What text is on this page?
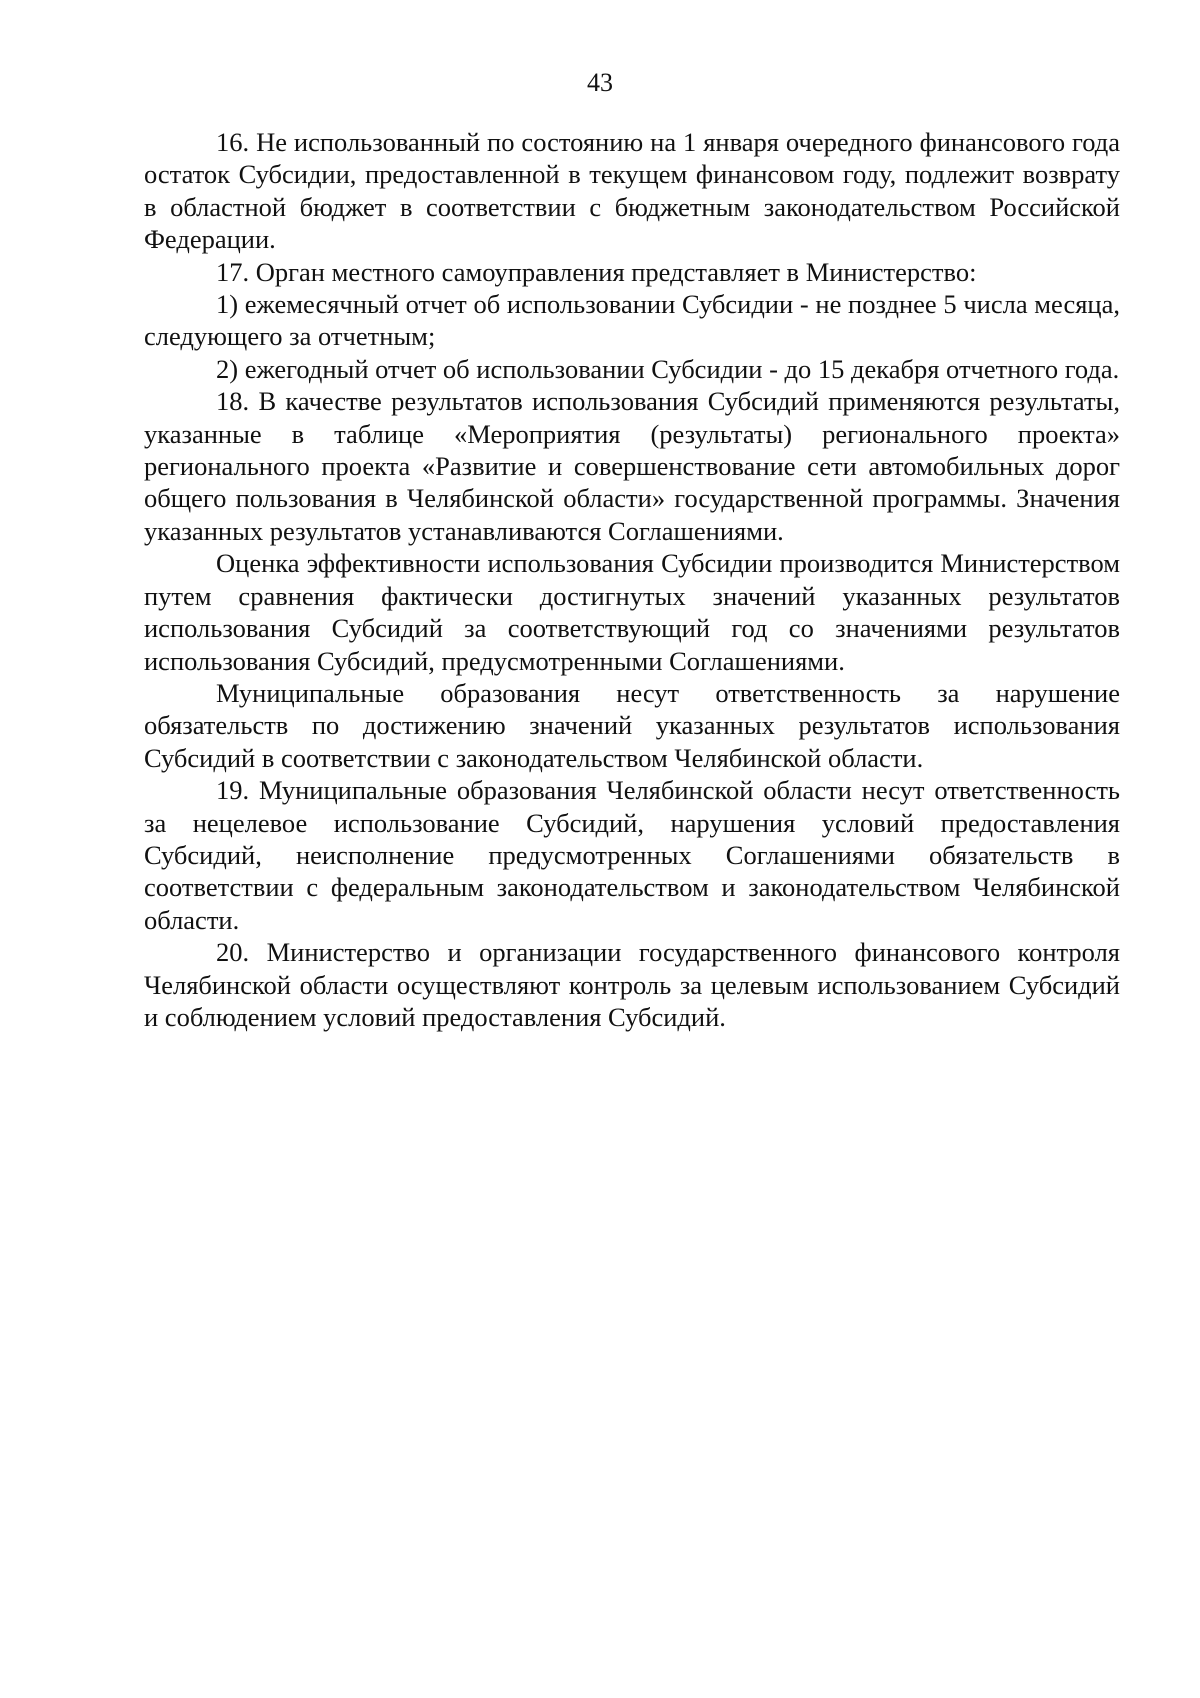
43

16. Не использованный по состоянию на 1 января очередного финансового года остаток Субсидии, предоставленной в текущем финансовом году, подлежит возврату в областной бюджет в соответствии с бюджетным законодательством Российской Федерации.

17. Орган местного самоуправления представляет в Министерство:

1) ежемесячный отчет об использовании Субсидии - не позднее 5 числа месяца, следующего за отчетным;

2) ежегодный отчет об использовании Субсидии - до 15 декабря отчетного года.

18. В качестве результатов использования Субсидий применяются результаты, указанные в таблице «Мероприятия (результаты) регионального проекта» регионального проекта «Развитие и совершенствование сети автомобильных дорог общего пользования в Челябинской области» государственной программы. Значения указанных результатов устанавливаются Соглашениями.

Оценка эффективности использования Субсидии производится Министерством путем сравнения фактически достигнутых значений указанных результатов использования Субсидий за соответствующий год со значениями результатов использования Субсидий, предусмотренными Соглашениями.

Муниципальные образования несут ответственность за нарушение обязательств по достижению значений указанных результатов использования Субсидий в соответствии с законодательством Челябинской области.

19. Муниципальные образования Челябинской области несут ответственность за нецелевое использование Субсидий, нарушения условий предоставления Субсидий, неисполнение предусмотренных Соглашениями обязательств в соответствии с федеральным законодательством и законодательством Челябинской области.

20. Министерство и организации государственного финансового контроля Челябинской области осуществляют контроль за целевым использованием Субсидий и соблюдением условий предоставления Субсидий.
